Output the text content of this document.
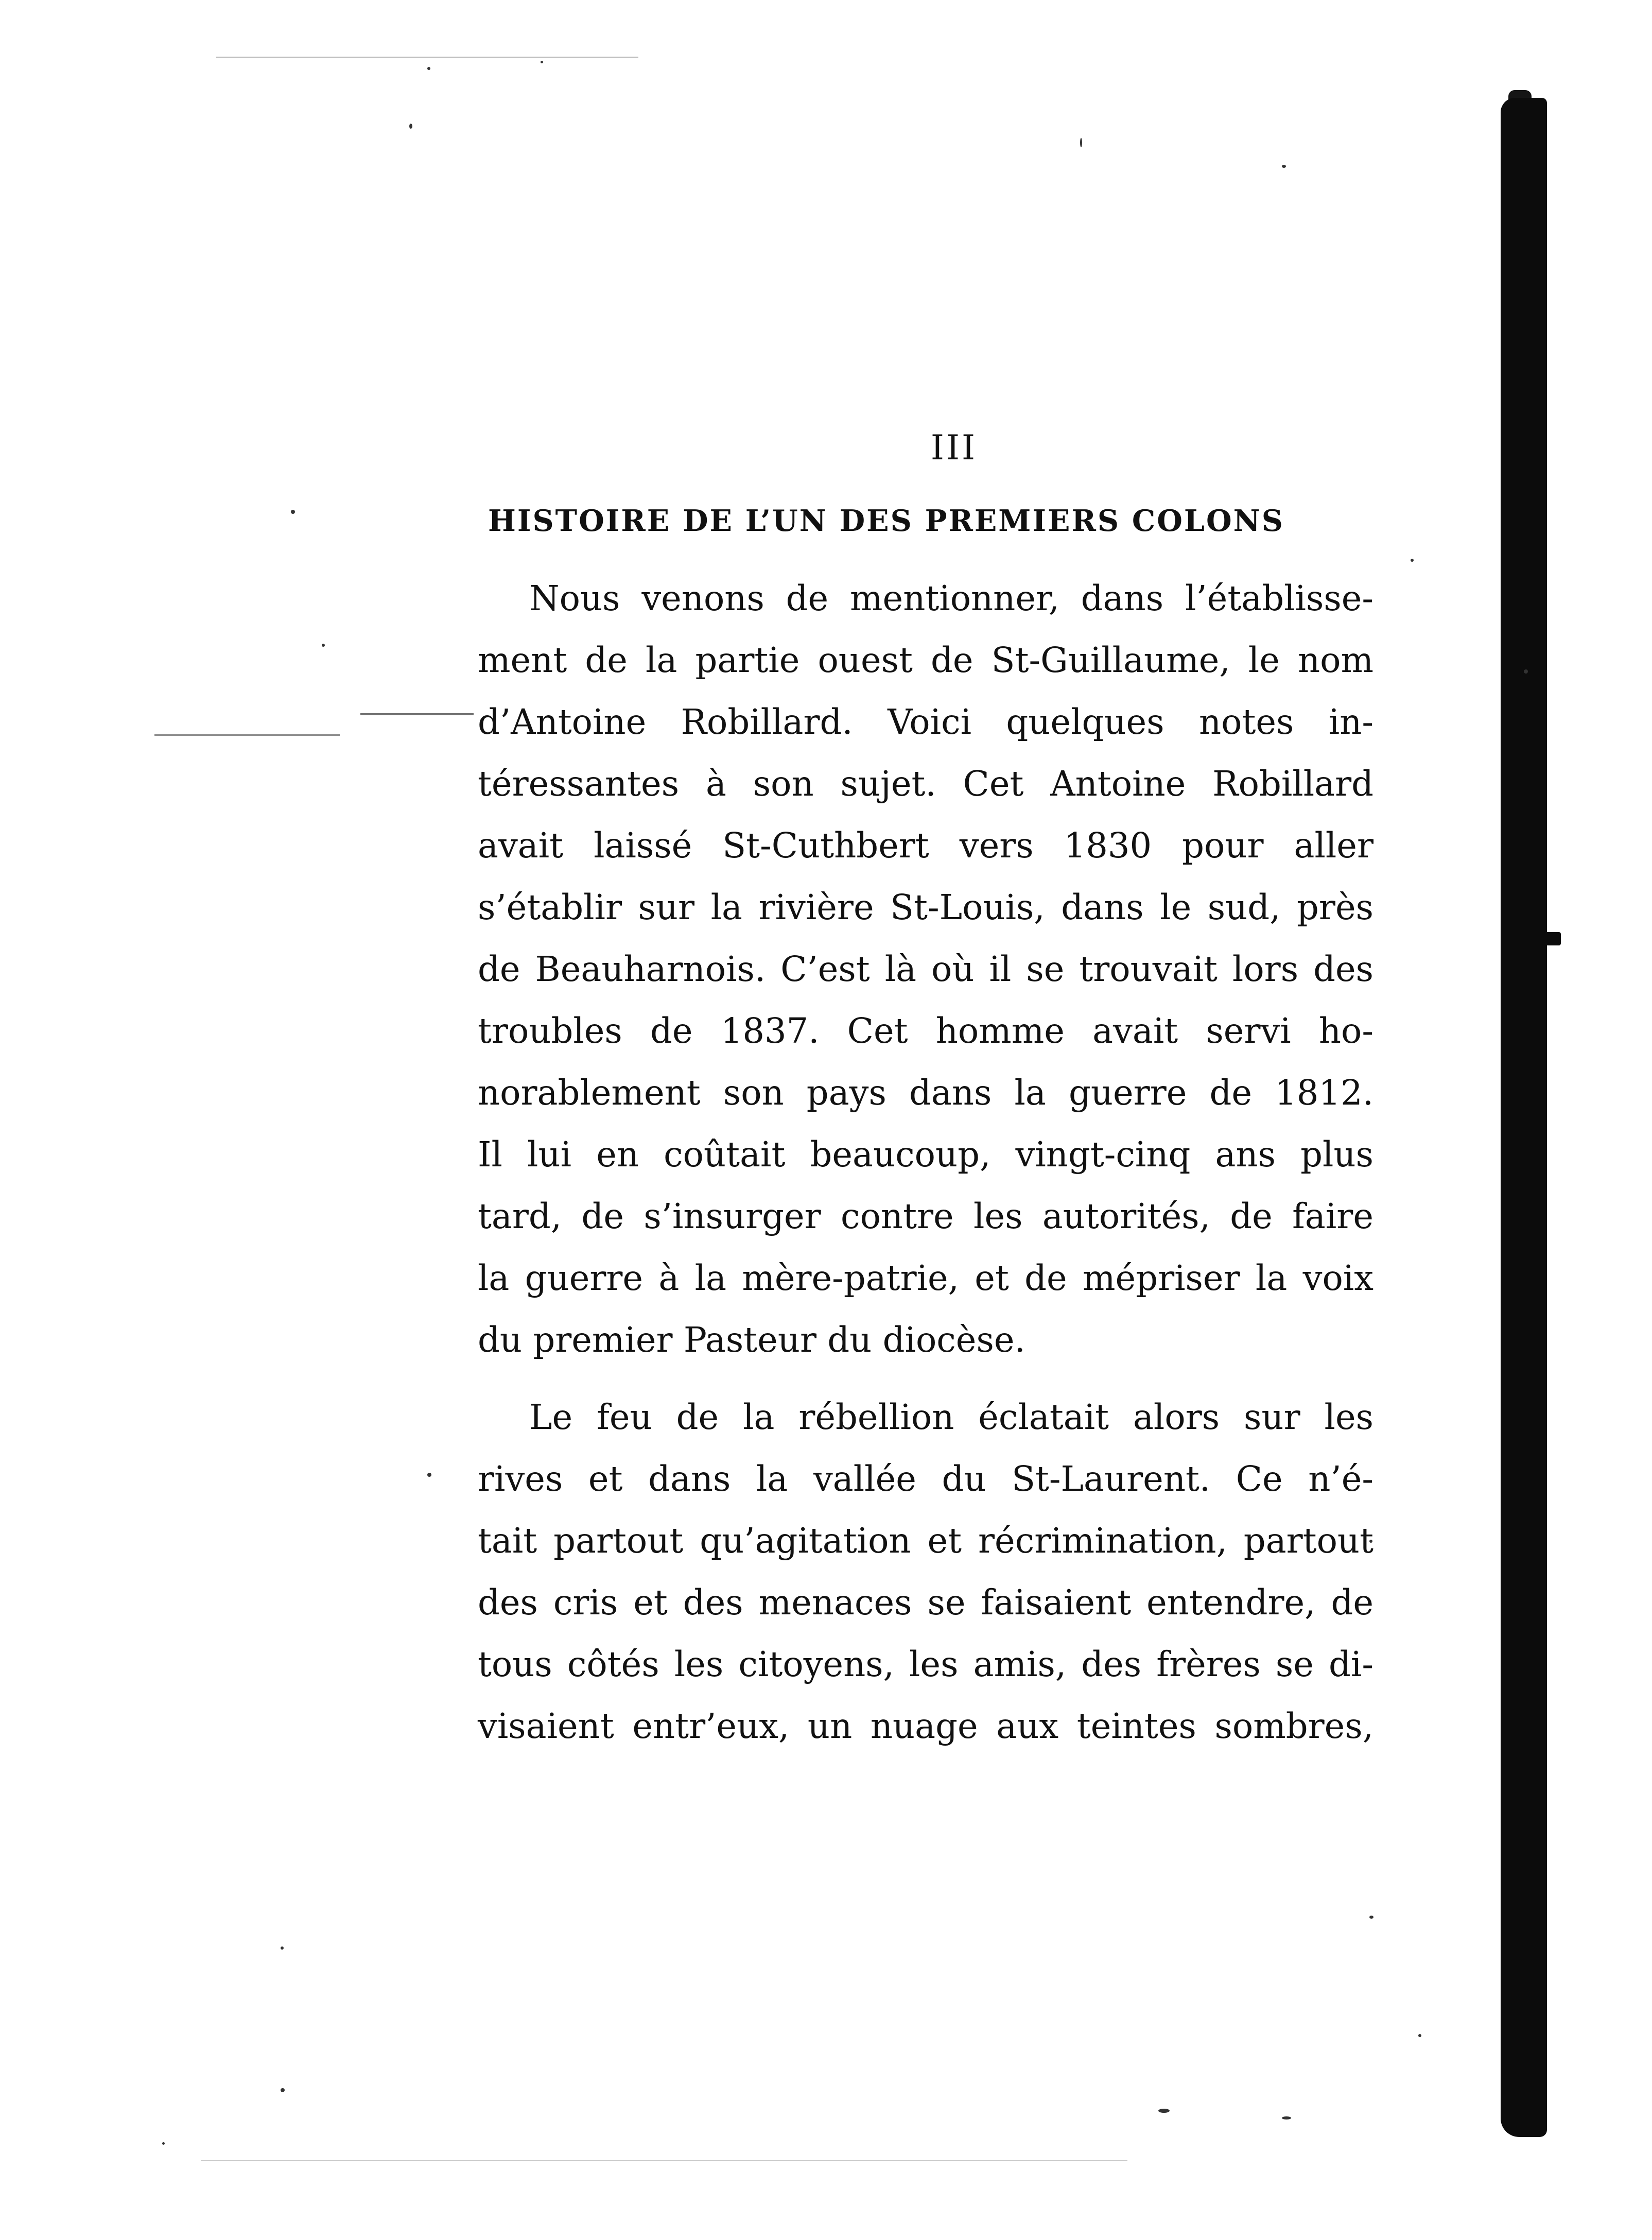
III
HISTOIRE DE L’UN DES PREMIERS COLONS
Nous venons de mentionner, dans l’établisse-
ment de la partie ouest de St-Guillaume, le nom
d’Antoine Robillard. Voici quelques notes in-
téressantes à son sujet. Cet Antoine Robillard
avait laissé St-Cuthbert vers 1830 pour aller
s’établir sur la rivière St-Louis, dans le sud, près
de Beauharnois. C’est là où il se trouvait lors des
troubles de 1837. Cet homme avait servi ho-
norablement son pays dans la guerre de 1812.
Il lui en coûtait beaucoup, vingt-cinq ans plus
tard, de s’insurger contre les autorités, de faire
la guerre à la mère-patrie, et de mépriser la voix
du premier Pasteur du diocèse.
Le feu de la rébellion éclatait alors sur les
rives et dans la vallée du St-Laurent. Ce n’é-
tait partout qu’agitation et récrimination, partout
des cris et des menaces se faisaient entendre, de
tous côtés les citoyens, les amis, des frères se di-
visaient entr’eux, un nuage aux teintes sombres,
